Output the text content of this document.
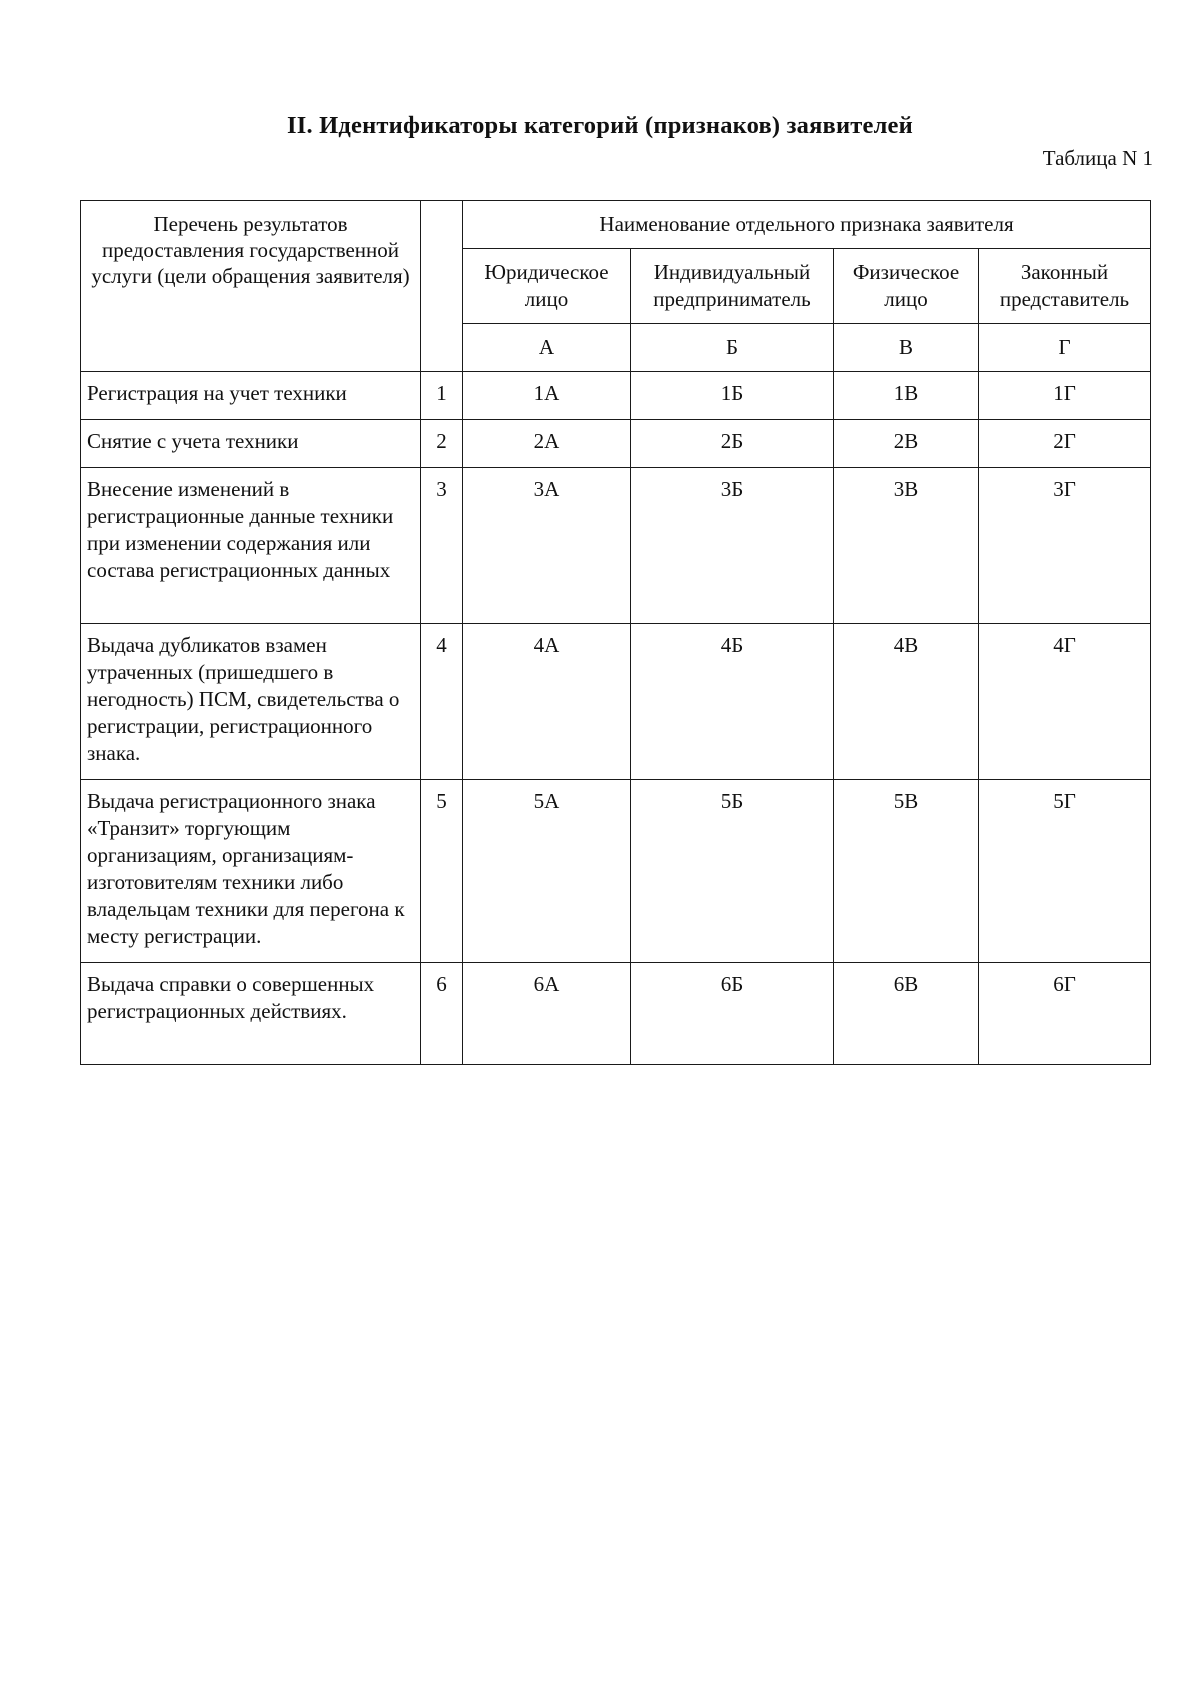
II. Идентификаторы категорий (признаков) заявителей
Таблица N 1
Перечень результатов предоставления государственной услуги (цели обращения заявителя)		Наименование отдельного признака заявителя			
		Юридическое лицо	Индивидуальный предприниматель	Физическое лицо	Законный представитель
		А	Б	В	Г
Регистрация на учет техники	1	1А	1Б	1В	1Г
Снятие с учета техники	2	2А	2Б	2В	2Г
Внесение изменений в регистрационные данные техники при изменении содержания или состава регистрационных данных	3	3А	3Б	3В	3Г
Выдача дубликатов взамен утраченных (пришедшего в негодность) ПСМ, свидетельства о регистрации, регистрационного знака.	4	4А	4Б	4В	4Г
Выдача регистрационного знака «Транзит» торгующим организациям, организациям-изготовителям техники либо владельцам техники для перегона к месту регистрации.	5	5А	5Б	5В	5Г
Выдача справки о совершенных регистрационных действиях.	6	6А	6Б	6В	6Г
